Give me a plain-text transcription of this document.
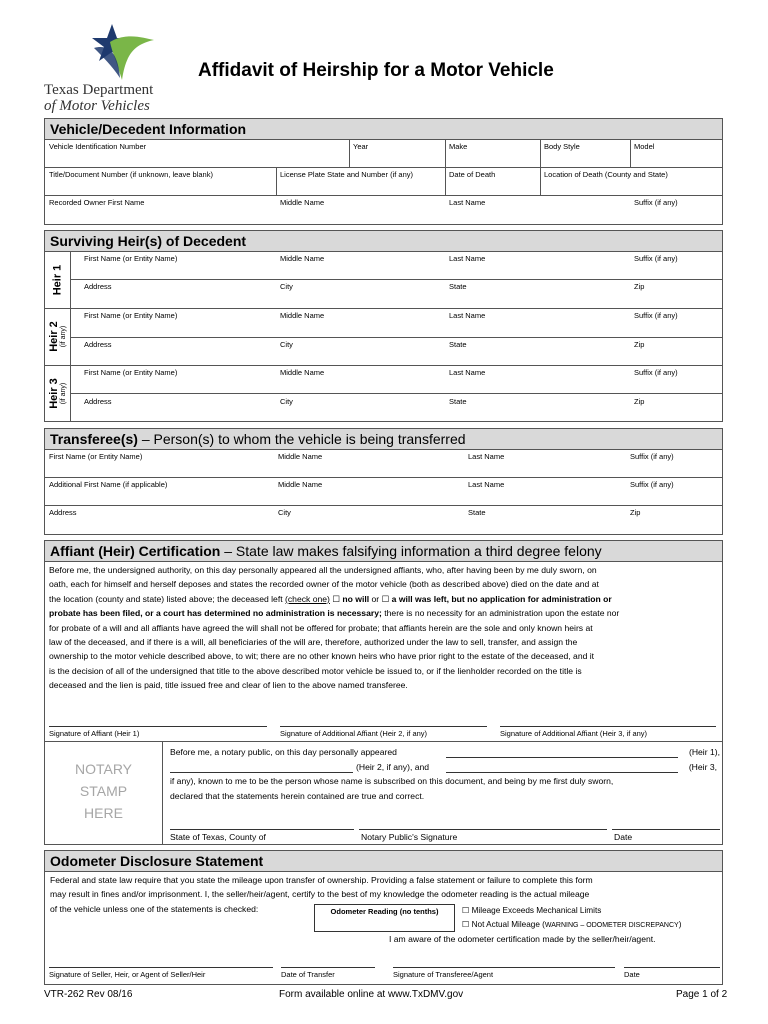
Texas Department
of Motor Vehicles
Affidavit of Heirship for a Motor Vehicle
Vehicle/Decedent Information
Vehicle Identification Number	Year	Make	Body Style	Model
Title/Document Number (if unknown, leave blank)	License Plate State and Number (if any)	Date of Death	Location of Death (County and State)
Recorded Owner First Name	Middle Name	Last Name	Suffix (if any)
Surviving Heir(s) of Decedent
Heir 1
Heir 2 (if any)
Heir 3 (if any)
First Name (or Entity Name)	Middle Name	Last Name	Suffix (if any)
Address	City	State	Zip
First Name (or Entity Name)	Middle Name	Last Name	Suffix (if any)
Address	City	State	Zip
First Name (or Entity Name)	Middle Name	Last Name	Suffix (if any)
Address	City	State	Zip
Transferee(s) – Person(s) to whom the vehicle is being transferred
First Name (or Entity Name)	Middle Name	Last Name	Suffix (if any)
Additional First Name (if applicable)	Middle Name	Last Name	Suffix (if any)
Address	City	State	Zip
Affiant (Heir) Certification – State law makes falsifying information a third degree felony
Before me, the undersigned authority, on this day personally appeared all the undersigned affiants, who, after having been by me duly sworn, on
oath, each for himself and herself deposes and states the recorded owner of the motor vehicle (both as described above) died on the date and at
the location (county and state) listed above; the deceased left (check one) ☐ no will or ☐ a will was left, but no application for administration or
probate has been filed, or a court has determined no administration is necessary; there is no necessity for an administration upon the estate nor
for probate of a will and all affiants have agreed the will shall not be offered for probate; that affiants herein are the sole and only known heirs at
law of the deceased, and if there is a will, all beneficiaries of the will are, therefore, authorized under the law to sell, transfer, and assign the
ownership to the motor vehicle described above, to wit; there are no other known heirs who have prior right to the estate of the deceased, and it
is the decision of all of the undersigned that title to the above described motor vehicle be issued to, or if the lienholder recorded on the title is
deceased and the lien is paid, title issued free and clear of lien to the above named transferee.
Signature of Affiant (Heir 1)	Signature of Additional Affiant (Heir 2, if any)	Signature of Additional Affiant (Heir 3, if any)
NOTARY
STAMP
HERE
Before me, a notary public, on this day personally appeared	(Heir 1),
(Heir 2, if any), and	(Heir 3,
if any), known to me to be the person whose name is subscribed on this document, and being by me first duly sworn,
declared that the statements herein contained are true and correct.
State of Texas, County of	Notary Public's Signature	Date
Odometer Disclosure Statement
Federal and state law require that you state the mileage upon transfer of ownership. Providing a false statement or failure to complete this form
may result in fines and/or imprisonment. I, the seller/heir/agent, certify to the best of my knowledge the odometer reading is the actual mileage
of the vehicle unless one of the statements is checked:	Odometer Reading (no tenths)	☐ Mileage Exceeds Mechanical Limits
☐ Not Actual Mileage (WARNING – ODOMETER DISCREPANCY)
I am aware of the odometer certification made by the seller/heir/agent.
Signature of Seller, Heir, or Agent of Seller/Heir	Date of Transfer	Signature of Transferee/Agent	Date
VTR-262 Rev 08/16	Form available online at www.TxDMV.gov	Page 1 of 2
